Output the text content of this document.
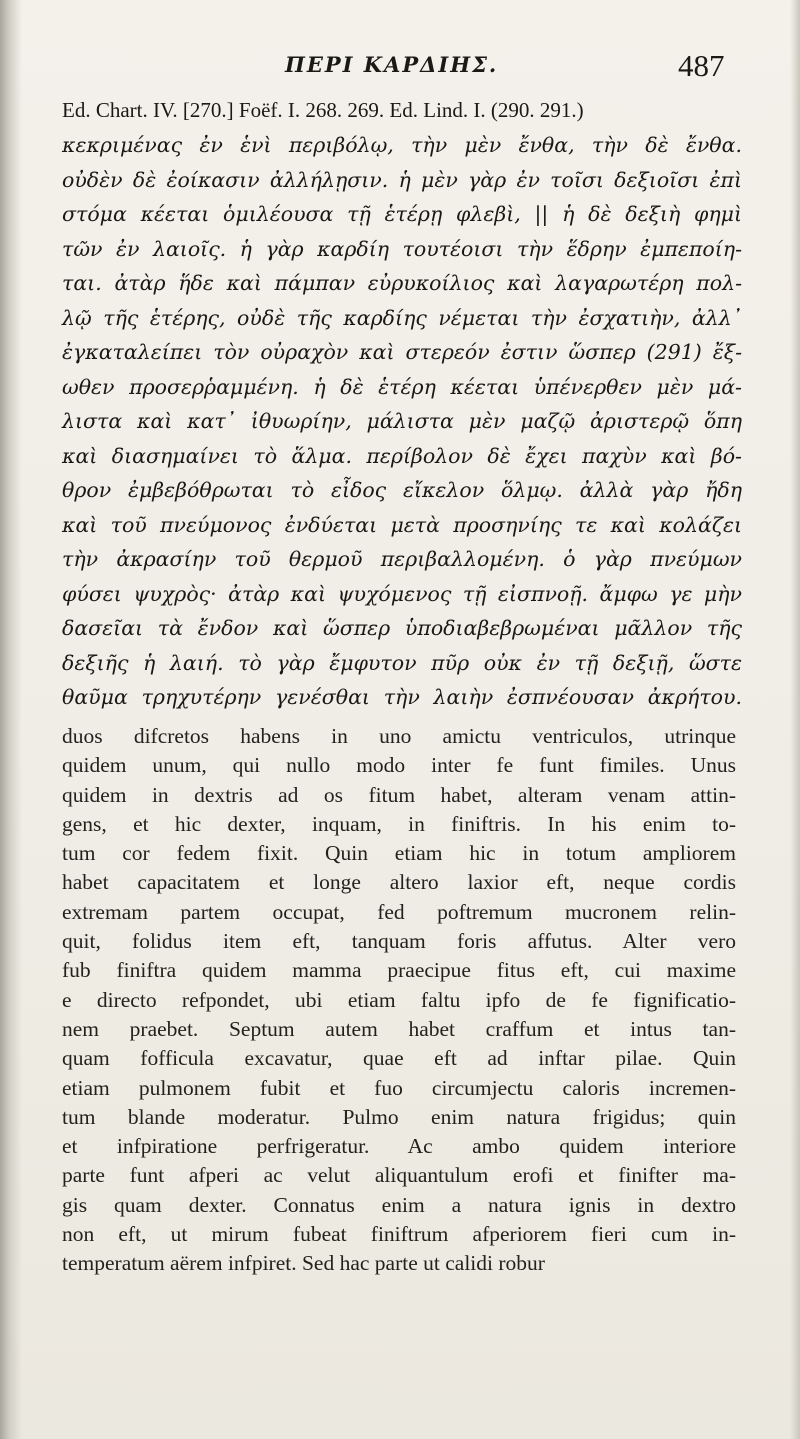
ΠΕΡΙ ΚΑΡΔΙΗΣ.	487
Ed. Chart. IV. [270.] Foëf. I. 268. 269. Ed. Lind. I. (290. 291.)
κεκριμένας ἐν ἑνὶ περιβόλῳ, τὴν μὲν ἔνθα, τὴν δὲ ἔνθα.
οὐδὲν δὲ ἐοίκασιν ἀλλήλῃσιν. ἡ μὲν γὰρ ἐν τοῖσι δεξιοῖσι ἐπὶ
στόμα κέεται ὁμιλέουσα τῇ ἑτέρῃ φλεβὶ, || ἡ δὲ δεξιὴ φημὶ
τῶν ἐν λαιοῖς. ἡ γὰρ καρδίη τουτέοισι τὴν ἕδρην ἐμπεποίη-
ται. ἀτὰρ ἥδε καὶ πάμπαν εὐρυκοίλιος καὶ λαγαρωτέρη πολ-
λῷ τῆς ἑτέρης, οὐδὲ τῆς καρδίης νέμεται τὴν ἐσχατιὴν, ἀλλ᾽
ἐγκαταλείπει τὸν οὐραχὸν καὶ στερεόν ἐστιν ὥσπερ (291) ἔξ-
ωθεν προσερῥαμμένη. ἡ δὲ ἑτέρη κέεται ὑπένερθεν μὲν μά-
λιστα καὶ κατ᾽ ἰθυωρίην, μάλιστα μὲν μαζῷ ἀριστερῷ ὅπη
καὶ διασημαίνει τὸ ἅλμα. περίβολον δὲ ἔχει παχὺν καὶ βό-
θρον ἐμβεβόθρωται τὸ εἶδος εἴκελον ὅλμῳ. ἀλλὰ γὰρ ἤδη
καὶ τοῦ πνεύμονος ἐνδύεται μετὰ προσηνίης τε καὶ κολάζει
τὴν ἀκρασίην τοῦ θερμοῦ περιβαλλομένη. ὁ γὰρ πνεύμων
φύσει ψυχρὸς· ἀτὰρ καὶ ψυχόμενος τῇ εἰσπνοῇ. ἄμφω γε μὴν
δασεῖαι τὰ ἔνδον καὶ ὥσπερ ὑποδιαβεβρωμέναι μᾶλλον τῆς
δεξιῆς ἡ λαιή. τὸ γὰρ ἔμφυτον πῦρ οὐκ ἐν τῇ δεξιῇ, ὥστε
θαῦμα τρηχυτέρην γενέσθαι τὴν λαιὴν ἐσπνέουσαν ἀκρήτου.
duos difcretos habens in uno amictu ventriculos, utrinque
quidem unum, qui nullo modo inter fe funt fimiles. Unus
quidem in dextris ad os fitum habet, alteram venam attin-
gens, et hic dexter, inquam, in finiftris. In his enim to-
tum cor fedem fixit. Quin etiam hic in totum ampliorem
habet capacitatem et longe altero laxior eft, neque cordis
extremam partem occupat, fed poftremum mucronem relin-
quit, folidus item eft, tanquam foris affutus. Alter vero
fub finiftra quidem mamma praecipue fitus eft, cui maxime
e directo refpondet, ubi etiam faltu ipfo de fe fignificatio-
nem praebet. Septum autem habet craffum et intus tan-
quam fofficula excavatur, quae eft ad inftar pilae. Quin
etiam pulmonem fubit et fuo circumjectu caloris incremen-
tum blande moderatur. Pulmo enim natura frigidus; quin
et infpiratione perfrigeratur. Ac ambo quidem interiore
parte funt afperi ac velut aliquantulum erofi et finifter ma-
gis quam dexter. Connatus enim a natura ignis in dextro
non eft, ut mirum fubeat finiftrum afperiorem fieri cum in-
temperatum aërem infpiret. Sed hac parte ut calidi robur
